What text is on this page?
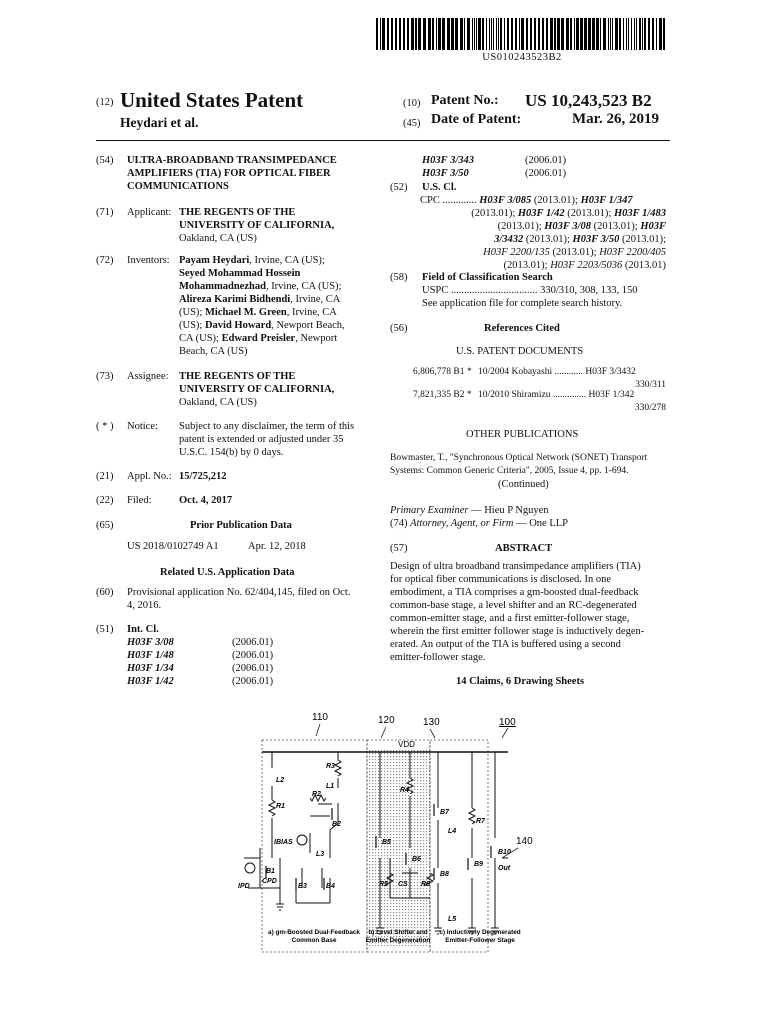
US010243523B2
(12) United States Patent
Heydari et al.
(10) Patent No.: US 10,243,523 B2
(45) Date of Patent:	Mar. 26, 2019
(54) ULTRA-BROADBAND TRANSIMPEDANCE AMPLIFIERS (TIA) FOR OPTICAL FIBER COMMUNICATIONS
(71) Applicant: THE REGENTS OF THE UNIVERSITY OF CALIFORNIA,
Oakland, CA (US)
(72) Inventors: Payam Heydari, Irvine, CA (US);
Seyed Mohammad Hossein
Mohammadnezhad, Irvine, CA (US);
Alireza Karimi Bidhendi, Irvine, CA
(US); Michael M. Green, Irvine, CA
(US); David Howard, Newport Beach,
CA (US); Edward Preisler, Newport
Beach, CA (US)
(73) Assignee: THE REGENTS OF THE
UNIVERSITY OF CALIFORNIA,
Oakland, CA (US)
( * ) Notice: Subject to any disclaimer, the term of this
patent is extended or adjusted under 35
U.S.C. 154(b) by 0 days.
(21) Appl. No.: 15/725,212
(22) Filed:	Oct. 4, 2017
(65)	Prior Publication Data
US 2018/0102749 A1	Apr. 12, 2018
Related U.S. Application Data
(60) Provisional application No. 62/404,145, filed on Oct.
4, 2016.
(51) Int. Cl.
H03F 3/08	(2006.01)
H03F 1/48	(2006.01)
H03F 1/34	(2006.01)
H03F 1/42	(2006.01)
H03F 3/343	(2006.01)
H03F 3/50	(2006.01)
(52) U.S. Cl.
CPC ............. H03F 3/085 (2013.01); H03F 1/347
(2013.01); H03F 1/42 (2013.01); H03F 1/483
(2013.01); H03F 3/08 (2013.01); H03F
3/3432 (2013.01); H03F 3/50 (2013.01);
H03F 2200/135 (2013.01); H03F 2200/405
(2013.01); H03F 2203/5036 (2013.01)
(58) Field of Classification Search
USPC ................................. 330/310, 308, 133, 150
See application file for complete search history.
(56)	References Cited
U.S. PATENT DOCUMENTS
6,806,778 B1 * 10/2004 Kobayashi ............ H03F 3/3432
330/311
7,821,335 B2 * 10/2010 Shiramizu .............. H03F 1/342
330/278
OTHER PUBLICATIONS
Bowmaster, T., "Synchronous Optical Network (SONET) Transport
Systems: Common Generic Criteria", 2005, Issue 4, pp. 1-694.
(Continued)
Primary Examiner — Hieu P Nguyen
(74) Attorney, Agent, or Firm — One LLP
(57)	ABSTRACT
Design of ultra broadband transimpedance amplifiers (TIA)
for optical fiber communications is disclosed. In one
embodiment, a TIA comprises a gm-boosted dual-feedback
common-base stage, a level shifter and an RC-degenerated
common-emitter stage, and a first emitter-follower stage,
wherein the first emitter follower stage is inductively degen-
erated. An output of the TIA is buffered using a second
emitter-follower stage.
14 Claims, 6 Drawing Sheets
110	120	130	100
140
VDD
R3
L1
L2
R1
R2
B1
B2
B3	B4
B5
B6
B7
B8
B9
B10
R4
R5	R6
R7
L3
L4
L5
CS
CPD
IPD
IBIAS
Out
a) gm-Boosted Dual-Feedback
Common Base
b) Level Shifter and
Emitter Degeneration
c) Inductively Degenerated
Emitter-Follower Stage
